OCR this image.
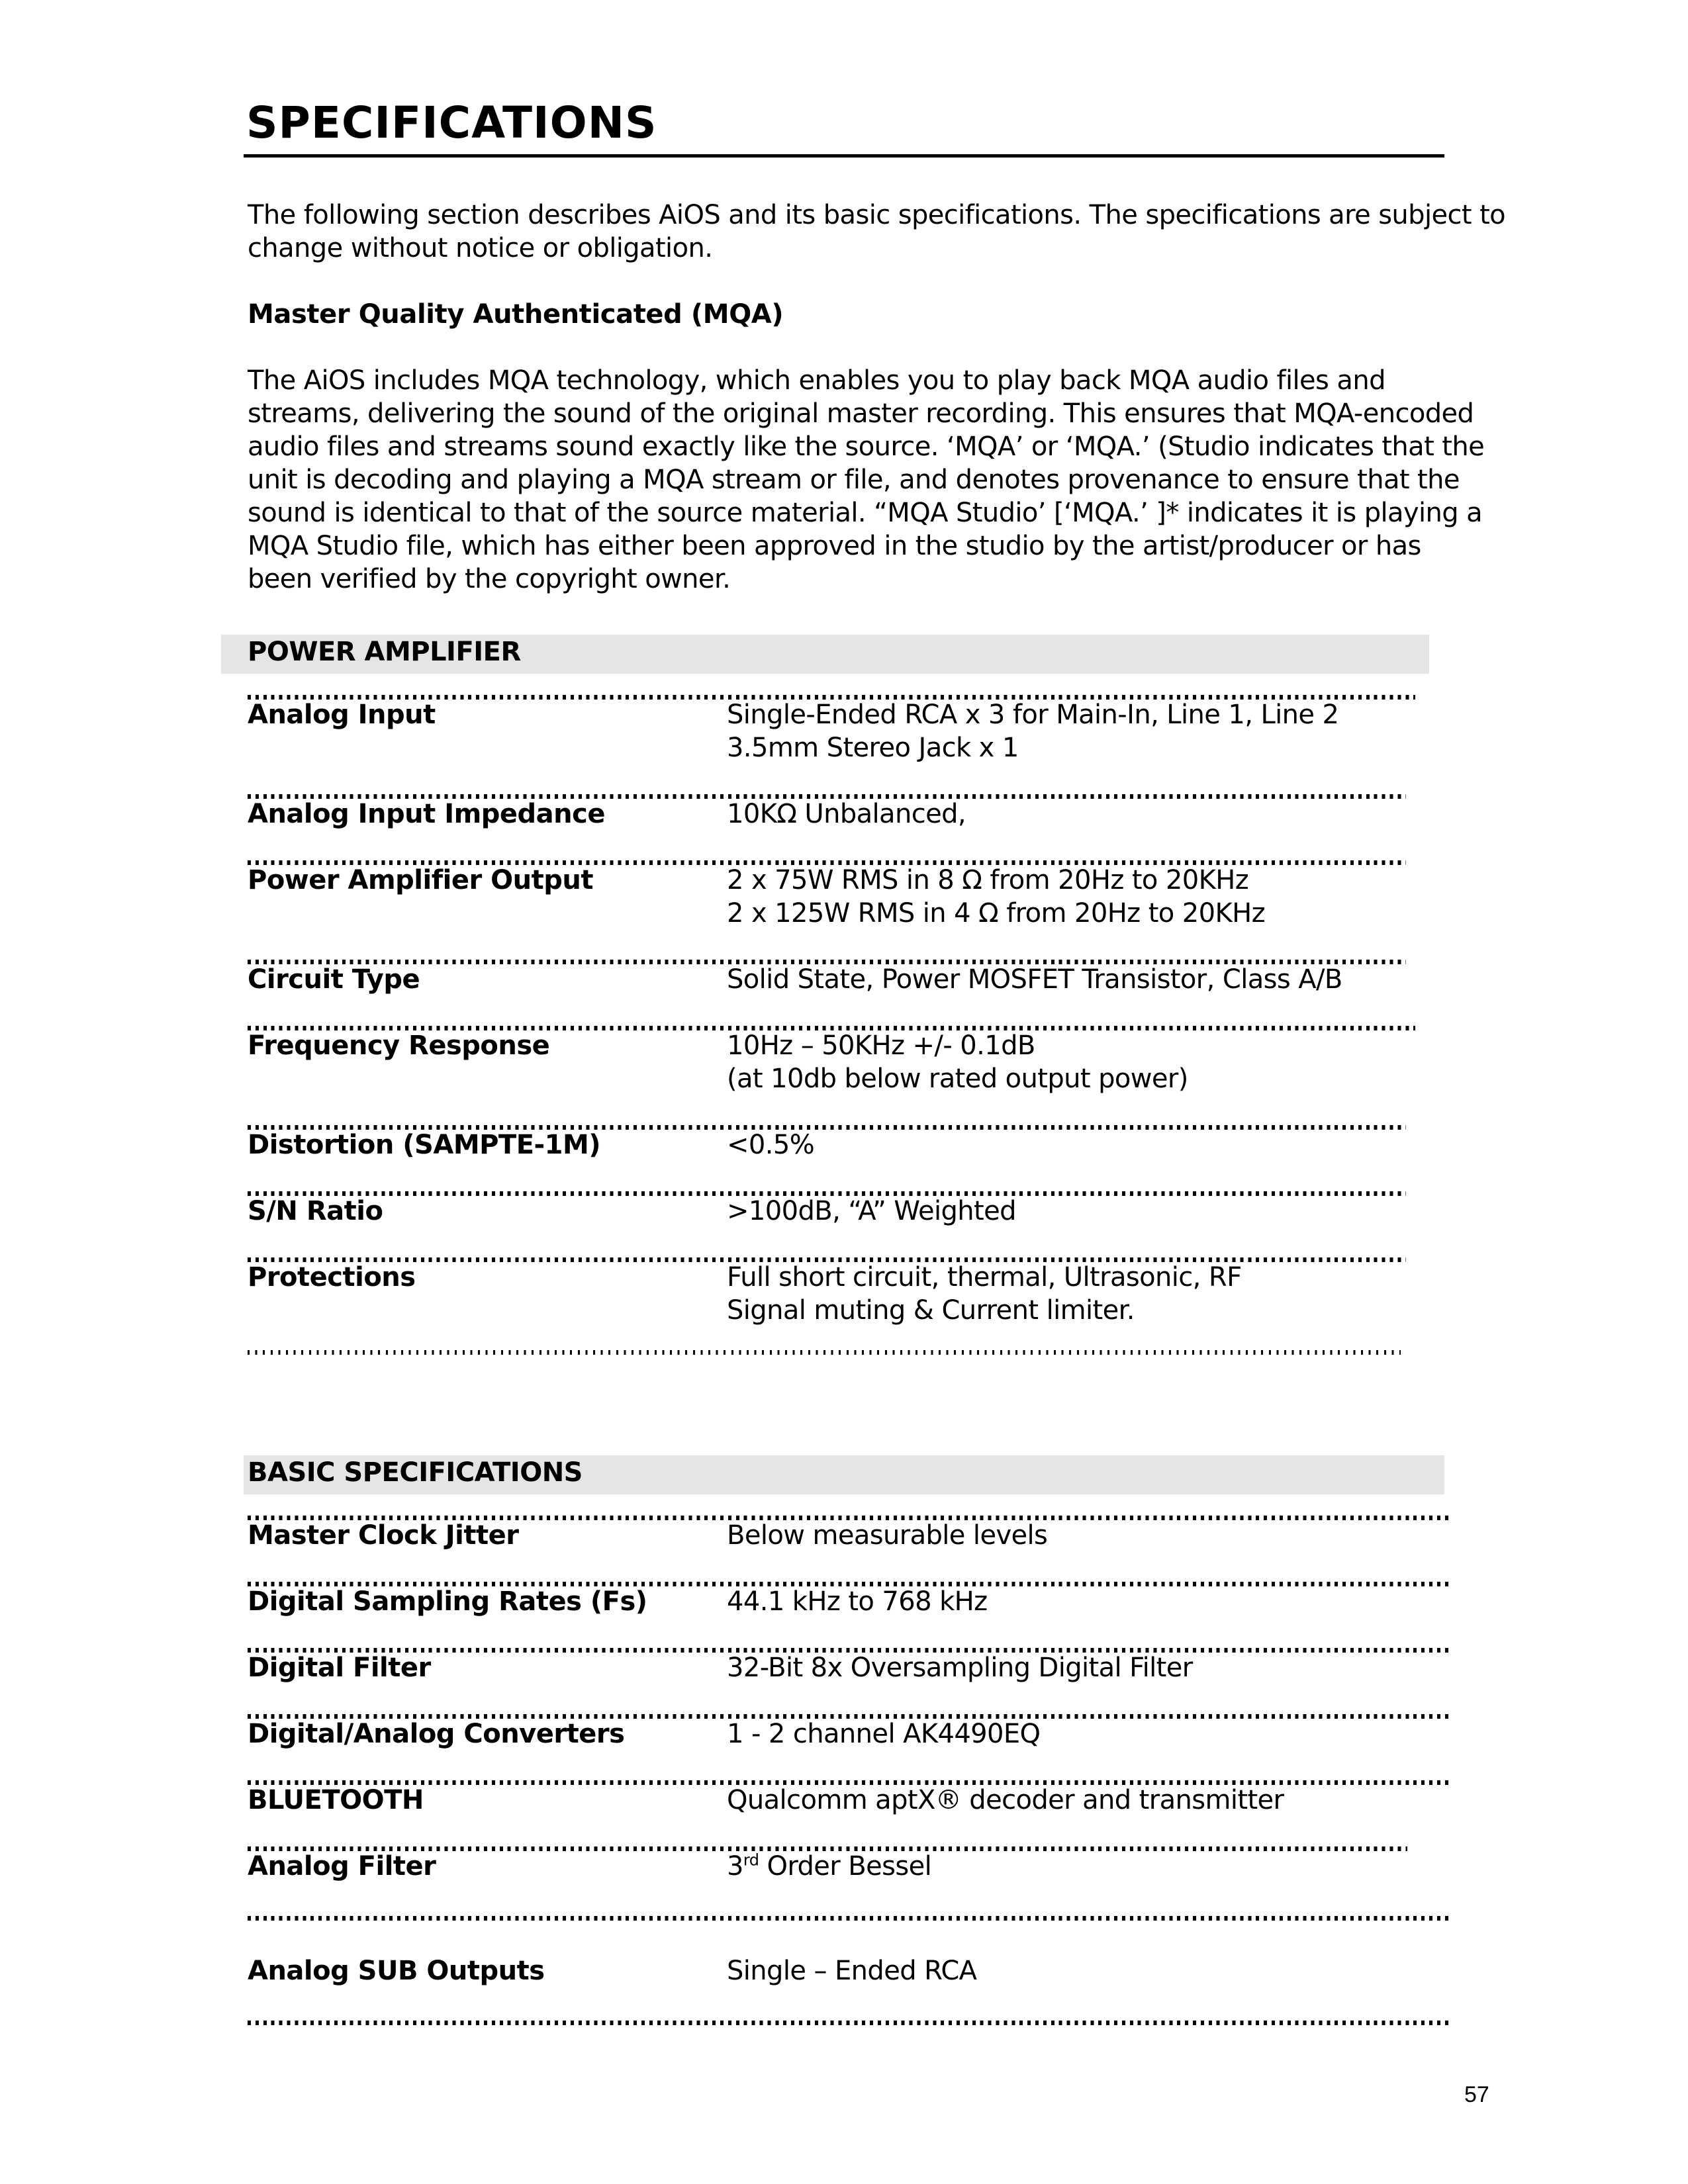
SPECIFICATIONS
The following section describes AiOS and its basic specifications. The specifications are subject to
change without notice or obligation.
Master Quality Authenticated (MQA)
The AiOS includes MQA technology, which enables you to play back MQA audio files and
streams, delivering the sound of the original master recording. This ensures that MQA-encoded
audio files and streams sound exactly like the source. ‘MQA’ or ‘MQA.’ (Studio indicates that the
unit is decoding and playing a MQA stream or file, and denotes provenance to ensure that the
sound is identical to that of the source material. “MQA Studio’ [‘MQA.’ ]* indicates it is playing a
MQA Studio file, which has either been approved in the studio by the artist/producer or has
been verified by the copyright owner.
POWER AMPLIFIER
Analog Input	Single-Ended RCA x 3 for Main-In, Line 1, Line 2
3.5mm Stereo Jack x 1
Analog Input Impedance	10KΩ Unbalanced,
Power Amplifier Output	2 x 75W RMS in 8 Ω from 20Hz to 20KHz
2 x 125W RMS in 4 Ω from 20Hz to 20KHz
Circuit Type	Solid State, Power MOSFET Transistor, Class A/B
Frequency Response	10Hz – 50KHz +/- 0.1dB
(at 10db below rated output power)
Distortion (SAMPTE-1M)	<0.5%
S/N Ratio	>100dB, “A” Weighted
Protections	Full short circuit, thermal, Ultrasonic, RF
Signal muting & Current limiter.
BASIC SPECIFICATIONS
Master Clock Jitter	Below measurable levels
Digital Sampling Rates (Fs)	44.1 kHz to 768 kHz
Digital Filter	32-Bit 8x Oversampling Digital Filter
Digital/Analog Converters	1 - 2 channel AK4490EQ
BLUETOOTH	Qualcomm aptX® decoder and transmitter
Analog Filter	3rd Order Bessel
Analog SUB Outputs	Single – Ended RCA
57
